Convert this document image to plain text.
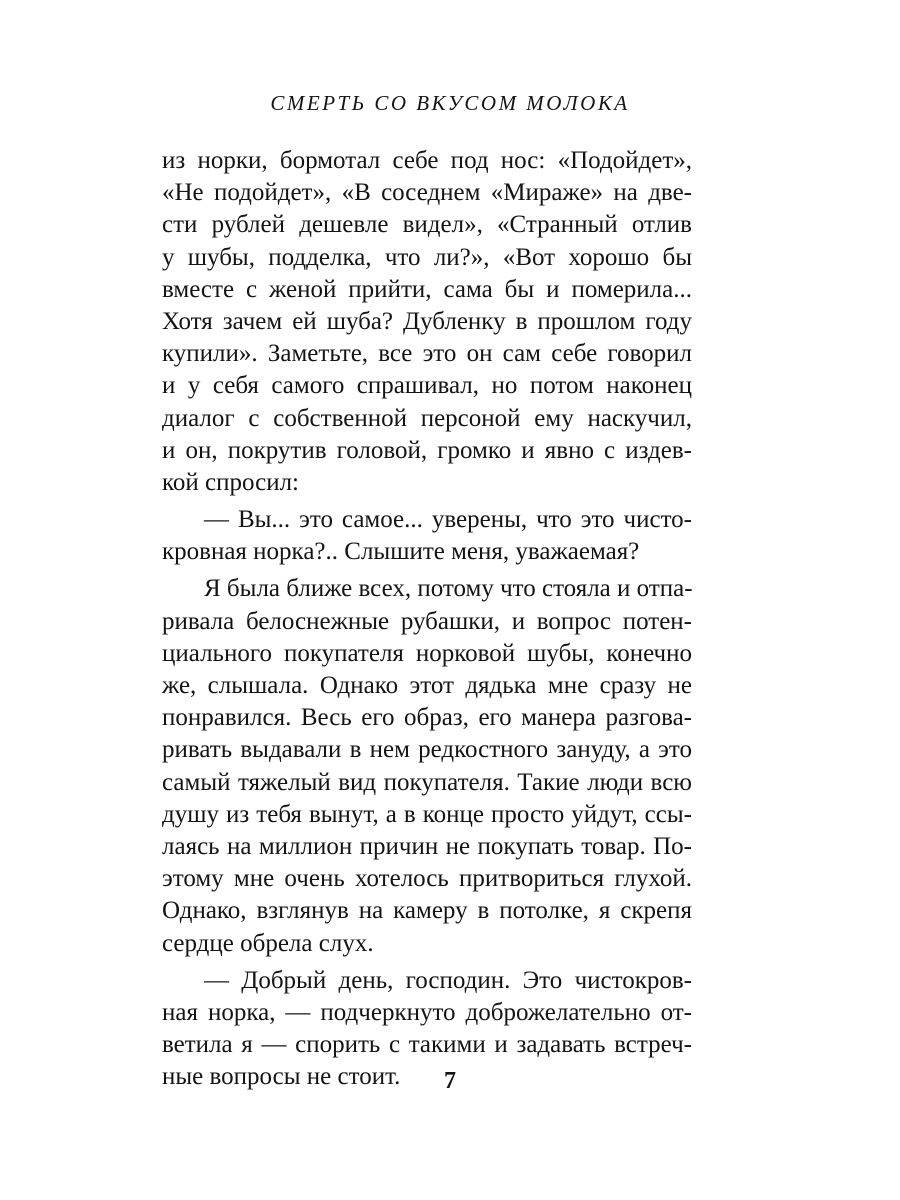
СМЕРТЬ СО ВКУСОМ МОЛОКА

из норки, бормотал себе под нос: «Подойдет»,
«Не подойдет», «В соседнем «Мираже» на две-
сти рублей дешевле видел», «Странный отлив
у шубы, подделка, что ли?», «Вот хорошо бы
вместе с женой прийти, сама бы и померила...
Хотя зачем ей шуба? Дубленку в прошлом году
купили». Заметьте, все это он сам себе говорил
и у себя самого спрашивал, но потом наконец
диалог с собственной персоной ему наскучил,
и он, покрутив головой, громко и явно с издев-
кой спросил:

— Вы... это самое... уверены, что это чисто-
кровная норка?.. Слышите меня, уважаемая?

Я была ближе всех, потому что стояла и отпа-
ривала белоснежные рубашки, и вопрос потен-
циального покупателя норковой шубы, конечно
же, слышала. Однако этот дядька мне сразу не
понравился. Весь его образ, его манера разгова-
ривать выдавали в нем редкостного зануду, а это
самый тяжелый вид покупателя. Такие люди всю
душу из тебя вынут, а в конце просто уйдут, ссы-
лаясь на миллион причин не покупать товар. По-
этому мне очень хотелось притвориться глухой.
Однако, взглянув на камеру в потолке, я скрепя
сердце обрела слух.

— Добрый день, господин. Это чистокров-
ная норка, — подчеркнуто доброжелательно от-
ветила я — спорить с такими и задавать встреч-
ные вопросы не стоит.	7
